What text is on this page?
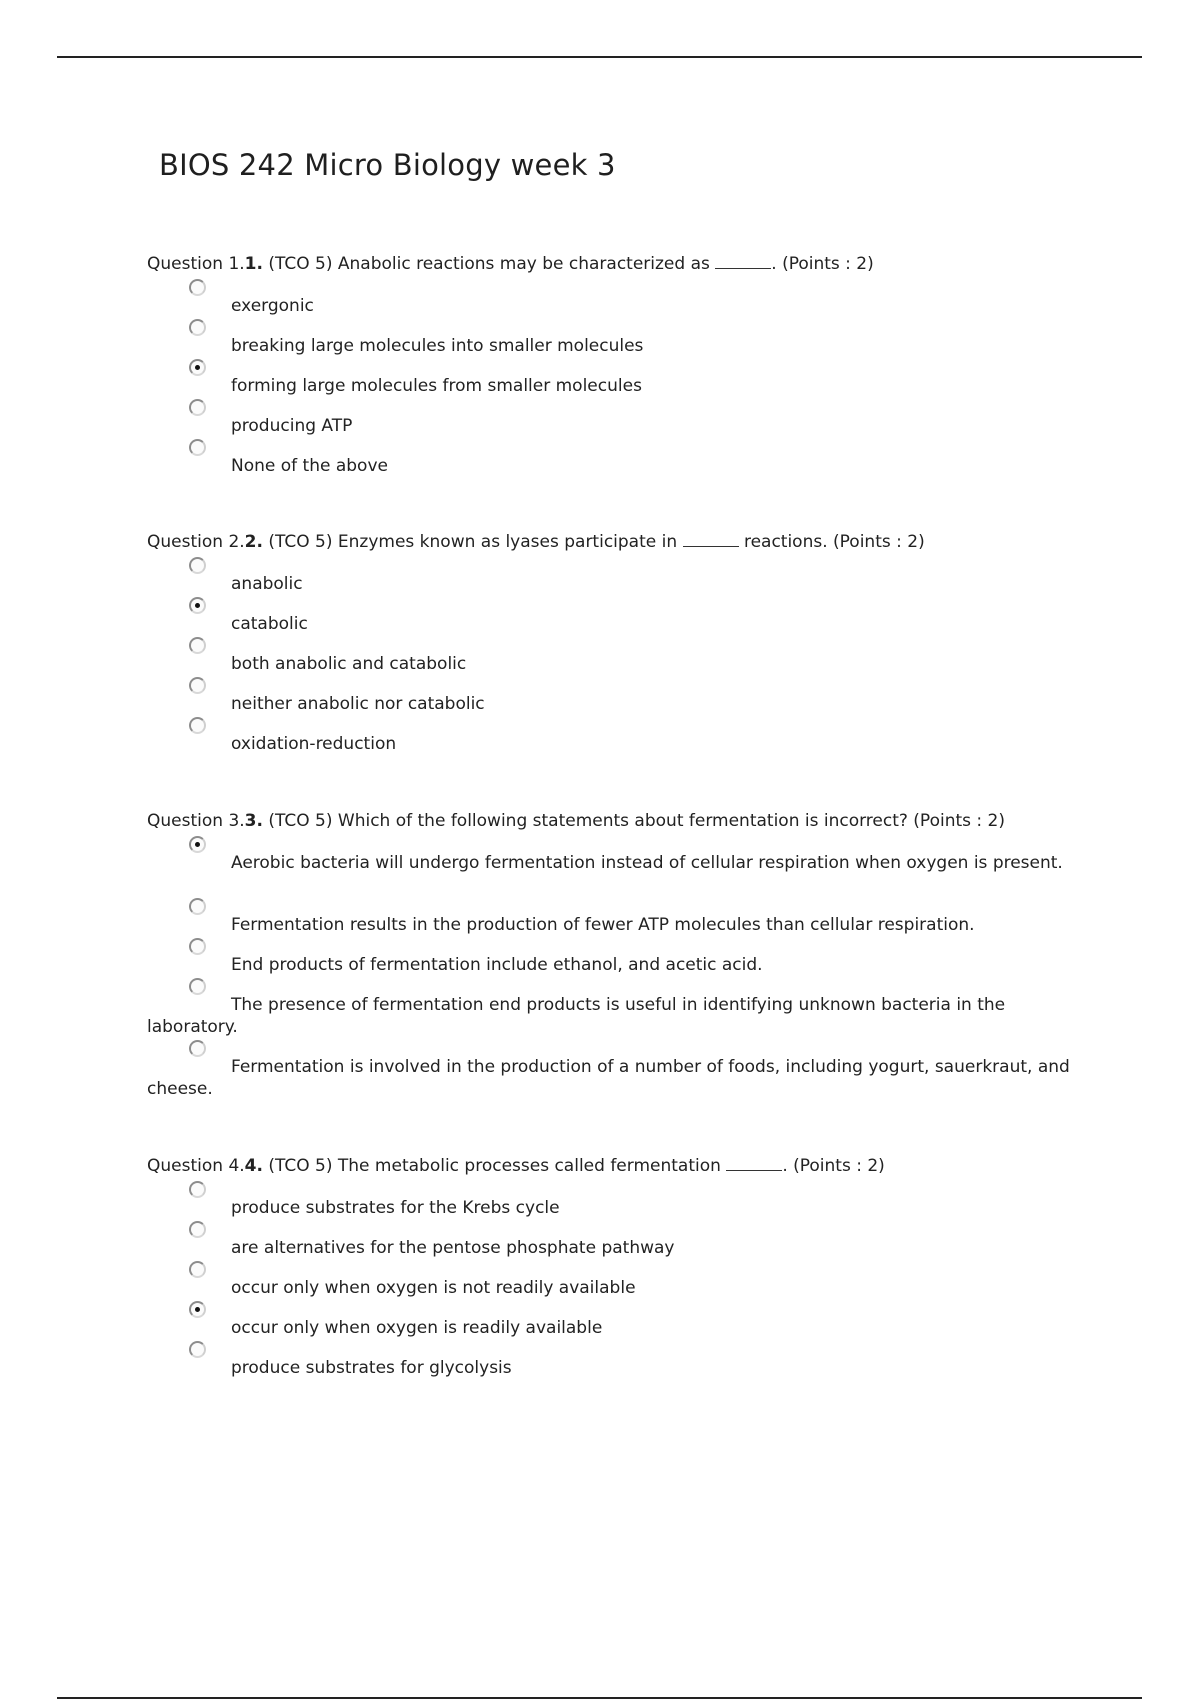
BIOS 242 Micro Biology week 3
Question 1.1. (TCO 5) Anabolic reactions may be characterized as	. (Points : 2)
exergonic
breaking large molecules into smaller molecules
forming large molecules from smaller molecules
producing ATP
None of the above
Question 2.2. (TCO 5) Enzymes known as lyases participate in	reactions. (Points : 2)
anabolic
catabolic
both anabolic and catabolic
neither anabolic nor catabolic
oxidation-reduction
Question 3.3. (TCO 5) Which of the following statements about fermentation is incorrect? (Points : 2)
Aerobic bacteria will undergo fermentation instead of cellular respiration when oxygen is present.
Fermentation results in the production of fewer ATP molecules than cellular respiration.
End products of fermentation include ethanol, and acetic acid.
The presence of fermentation end products is useful in identifying unknown bacteria in the laboratory.
Fermentation is involved in the production of a number of foods, including yogurt, sauerkraut, and cheese.
Question 4.4. (TCO 5) The metabolic processes called fermentation	. (Points : 2)
produce substrates for the Krebs cycle
are alternatives for the pentose phosphate pathway
occur only when oxygen is not readily available
occur only when oxygen is readily available
produce substrates for glycolysis
